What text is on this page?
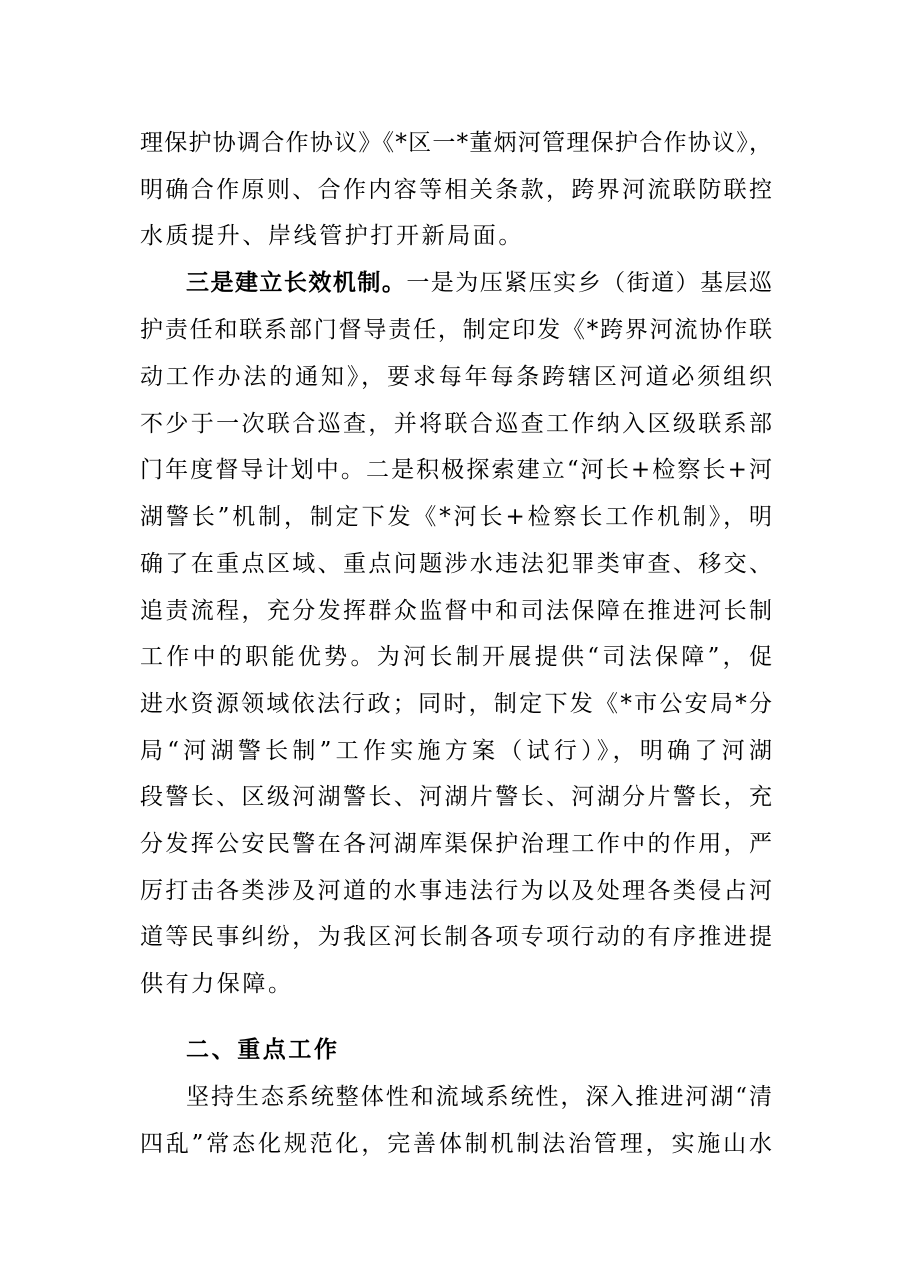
理保护协调合作协议》《*区一*董炳河管理保护合作协议》，
明确合作原则、合作内容等相关条款，跨界河流联防联控
水质提升、岸线管护打开新局面。
三是建立长效机制。一是为压紧压实乡（街道）基层巡
护责任和联系部门督导责任，制定印发《*跨界河流协作联
动工作办法的通知》，要求每年每条跨辖区河道必须组织
不少于一次联合巡查，并将联合巡查工作纳入区级联系部
门年度督导计划中。二是积极探索建立“河长+检察长+河
湖警长”机制，制定下发《*河长+检察长工作机制》，明
确了在重点区域、重点问题涉水违法犯罪类审查、移交、
追责流程，充分发挥群众监督中和司法保障在推进河长制
工作中的职能优势。为河长制开展提供“司法保障”，促
进水资源领域依法行政；同时，制定下发《*市公安局*分
局“河湖警长制”工作实施方案（试行）》，明确了河湖
段警长、区级河湖警长、河湖片警长、河湖分片警长，充
分发挥公安民警在各河湖库渠保护治理工作中的作用，严
厉打击各类涉及河道的水事违法行为以及处理各类侵占河
道等民事纠纷，为我区河长制各项专项行动的有序推进提
供有力保障。
二、重点工作
坚持生态系统整体性和流域系统性，深入推进河湖“清
四乱”常态化规范化，完善体制机制法治管理，实施山水
